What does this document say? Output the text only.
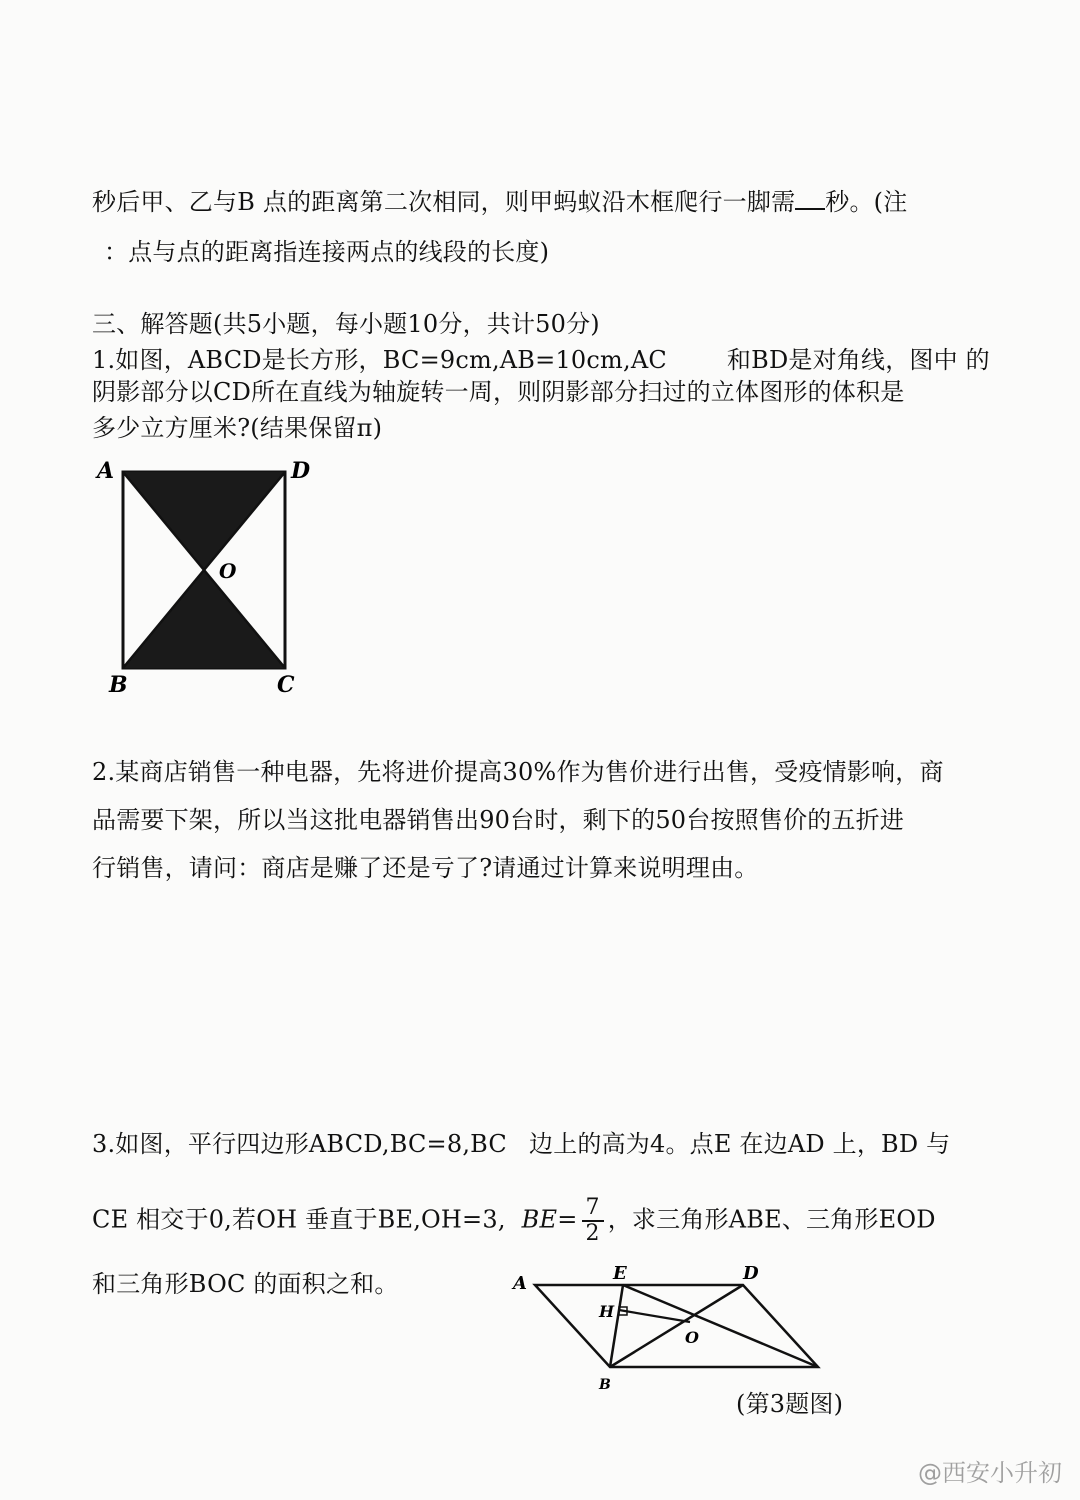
秒后甲、乙与B 点的距离第二次相同，则甲蚂蚁沿木框爬行一脚需 秒。(注
：点与点的距离指连接两点的线段的长度)
三、解答题(共5小题，每小题10分，共计50分)
1.如图，ABCD是长方形，BC=9cm,AB=10cm,AC	和BD是对角线，图中 的
阴影部分以CD所在直线为轴旋转一周，则阴影部分扫过的立体图形的体积是
多少立方厘米?(结果保留π)
A	D
O
B	C
2.某商店销售一种电器，先将进价提高30%作为售价进行出售，受疫情影响，商
品需要下架，所以当这批电器销售出90台时，剩下的50台按照售价的五折进
行销售，请问：商店是赚了还是亏了?请通过计算来说明理由。
3.如图，平行四边形ABCD,BC=8,BC 边上的高为4。点E 在边AD 上，BD 与
CE 相交于0,若OH 垂直于BE,OH=3, $BE= \frac{7}{2}$ ，求三角形ABE、三角形EOD
和三角形BOC 的面积之和。	A	E	D
H
O
B
(第3题图)
@西安小升初
